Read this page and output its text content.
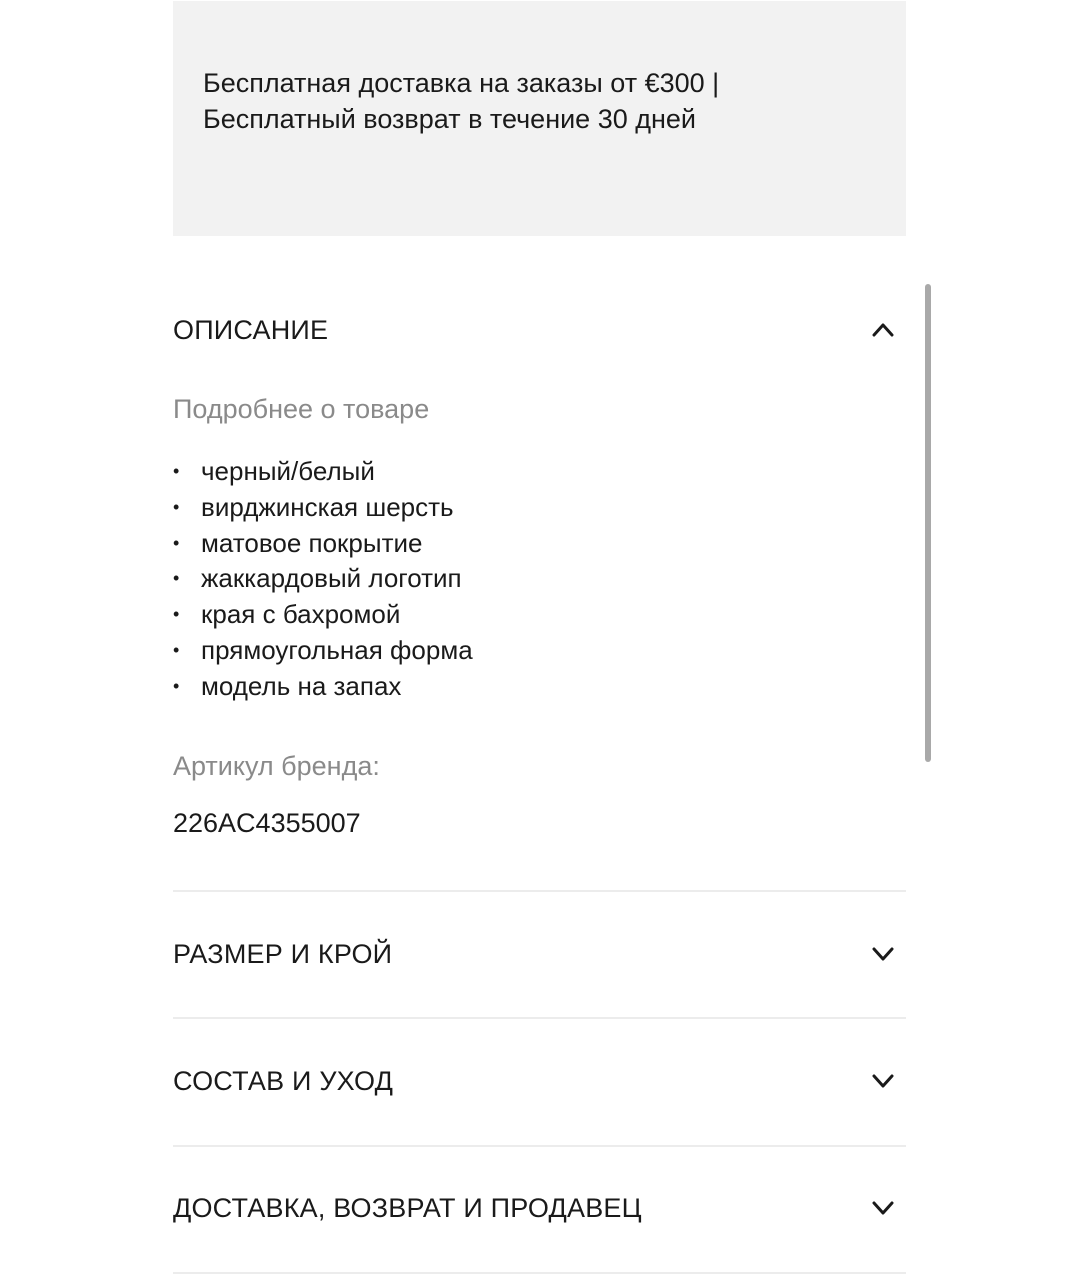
Бесплатная доставка на заказы от €300 |
Бесплатный возврат в течение 30 дней

ОПИСАНИЕ
Подробнее о товаре
• черный/белый
• вирджинская шерсть
• матовое покрытие
• жаккардовый логотип
• края с бахромой
• прямоугольная форма
• модель на запах
Артикул бренда:
226AC4355007
РАЗМЕР И КРОЙ
СОСТАВ И УХОД
ДОСТАВКА, ВОЗВРАТ И ПРОДАВЕЦ
